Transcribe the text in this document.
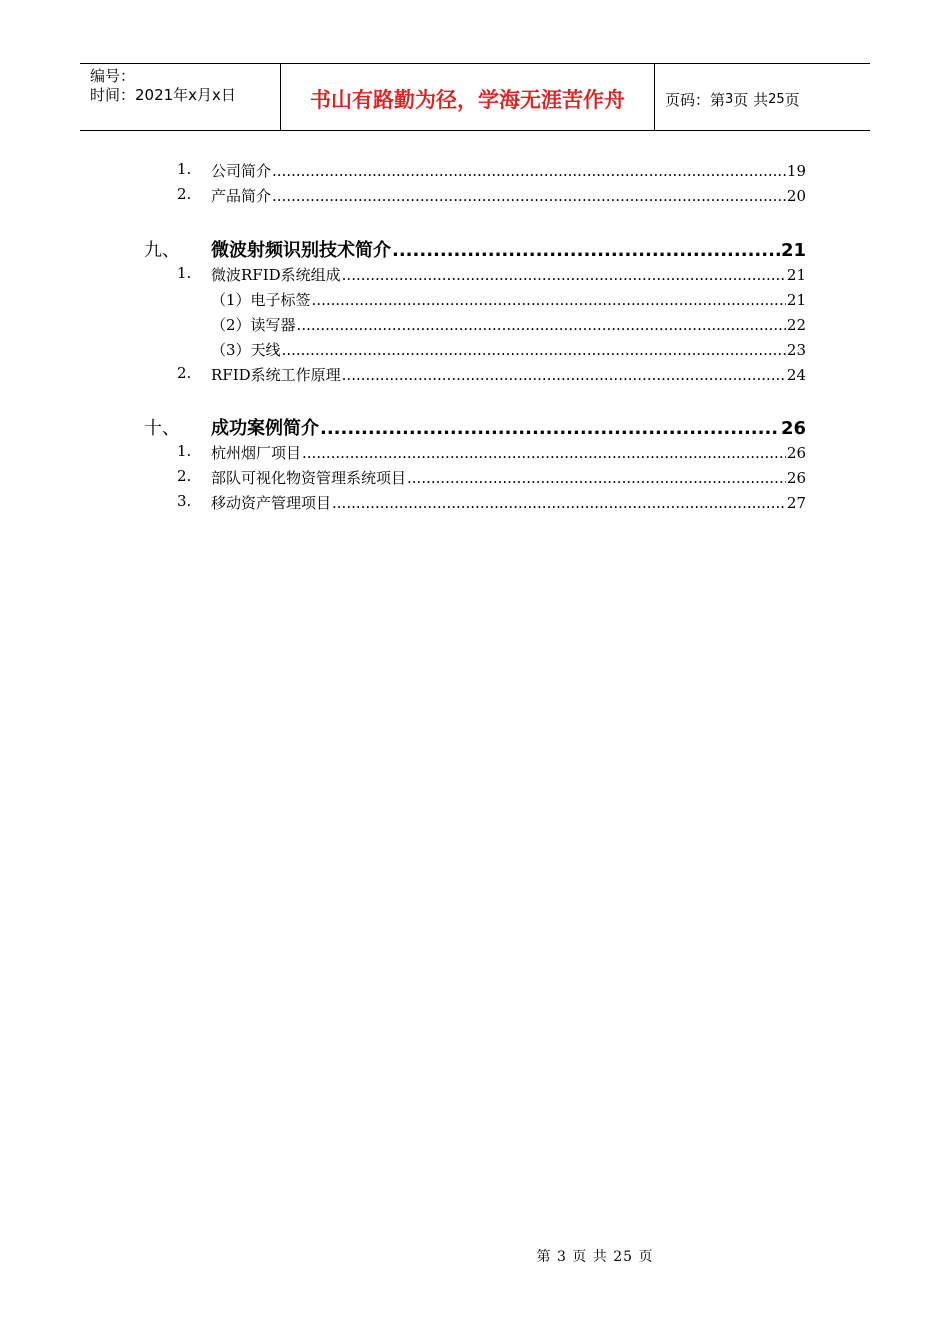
编号：
时间：2021年x月x日	书山有路勤为径，学海无涯苦作舟	页码：第 3 页 共 25 页
1. 公司简介 .....	19
2. 产品简介 .....	20
九、 微波射频识别技术简介 .....	21
1. 微波RFID系统组成 .....	21
（1）电子标签 .....	21
（2）读写器 .....	22
（3）天线 .....	23
2. RFID系统工作原理 .....	24
十、 成功案例简介 .....	26
1. 杭州烟厂项目 .....	26
2. 部队可视化物资管理系统项目 .....	26
3. 移动资产管理项目 .....	27
第 3 页 共 25 页
